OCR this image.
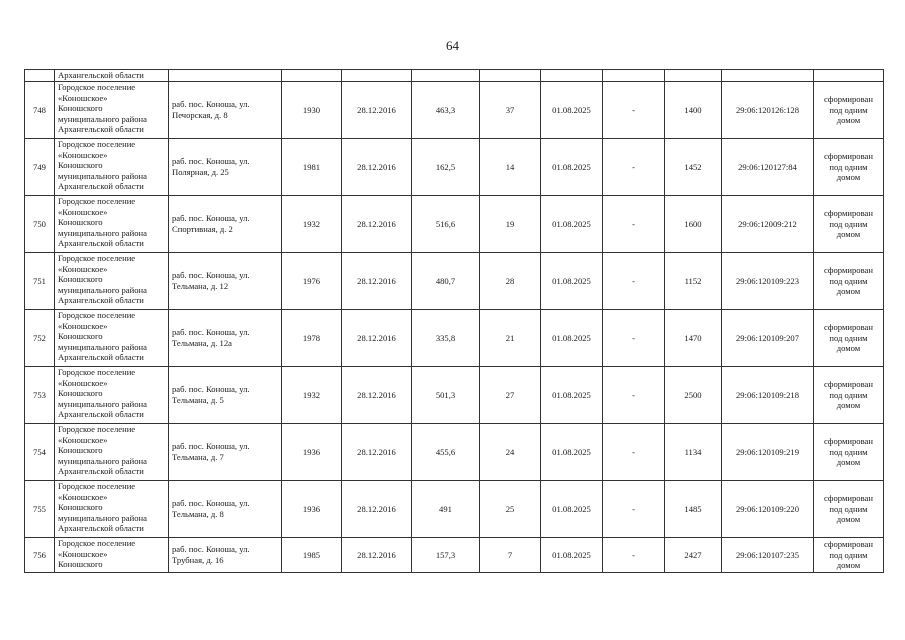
64
	Архангельской области										
748	Городское поселение
«Коношское»
Коношского
муниципального района
Архангельской области	раб. пос. Коноша, ул.
Печорская, д. 8	1930	28.12.2016	463,3	37	01.08.2025	-	1400	29:06:120126:128	сформирован
под одним
домом

749	Городское поселение
«Коношское»
Коношского
муниципального района
Архангельской области	раб. пос. Коноша, ул.
Полярная, д. 25	1981	28.12.2016	162,5	14	01.08.2025	-	1452	29:06:120127:84	сформирован
под одним
домом

750	Городское поселение
«Коношское»
Коношского
муниципального района
Архангельской области	раб. пос. Коноша, ул.
Спортивная, д. 2	1932	28.12.2016	516,6	19	01.08.2025	-	1600	29:06:12009:212	сформирован
под одним
домом

751	Городское поселение
«Коношское»
Коношского
муниципального района
Архангельской области	раб. пос. Коноша, ул.
Тельмана, д. 12	1976	28.12.2016	480,7	28	01.08.2025	-	1152	29:06:120109:223	сформирован
под одним
домом

752	Городское поселение
«Коношское»
Коношского
муниципального района
Архангельской области	раб. пос. Коноша, ул.
Тельмана, д. 12а	1978	28.12.2016	335,8	21	01.08.2025	-	1470	29:06:120109:207	сформирован
под одним
домом

753	Городское поселение
«Коношское»
Коношского
муниципального района
Архангельской области	раб. пос. Коноша, ул.
Тельмана, д. 5	1932	28.12.2016	501,3	27	01.08.2025	-	2500	29:06:120109:218	сформирован
под одним
домом

754	Городское поселение
«Коношское»
Коношского
муниципального района
Архангельской области	раб. пос. Коноша, ул.
Тельмана, д. 7	1936	28.12.2016	455,6	24	01.08.2025	-	1134	29:06:120109:219	сформирован
под одним
домом

755	Городское поселение
«Коношское»
Коношского
муниципального района
Архангельской области	раб. пос. Коноша, ул.
Тельмана, д. 8	1936	28.12.2016	491	25	01.08.2025	-	1485	29:06:120109:220	сформирован
под одним
домом

756	Городское поселение
«Коношское»
Коношского	раб. пос. Коноша, ул.
Трубная, д. 16	1985	28.12.2016	157,3	7	01.08.2025	-	2427	29:06:120107:235	сформирован
под одним
домом
